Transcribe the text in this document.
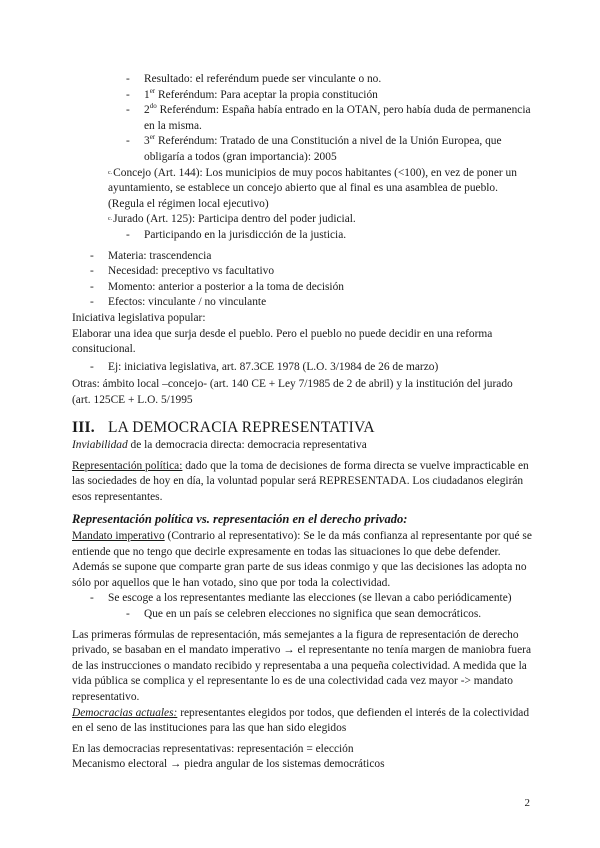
- Resultado: el referéndum puede ser vinculante o no.
- 1er Referéndum: Para aceptar la propia constitución
- $2^{do}$ Referéndum: España había entrado en la OTAN, pero había duda de permanencia en la misma.
- 3er Referéndum: Tratado de una Constitución a nivel de la Unión Europea, que obligaría a todos (gran importancia): 2005
c.Concejo (Art. 144): Los municipios de muy pocos habitantes (<100), en vez de poner un ayuntamiento, se establece un concejo abierto que al final es una asamblea de pueblo. (Regula el régimen local ejecutivo)
c.Jurado (Art. 125): Participa dentro del poder judicial.
- Participando en la jurisdicción de la justicia.
- Materia: trascendencia
- Necesidad: preceptivo vs facultativo
- Momento: anterior a posterior a la toma de decisión
- Efectos: vinculante / no vinculante

Iniciativa legislativa popular:

Elaborar una idea que surja desde el pueblo. Pero el pueblo no puede decidir en una reforma consitucional.

- Ej: iniciativa legislativa, art. 87.3CE 1978 (L.O. 3/1984 de 26 de marzo)

Otras: ámbito local –concejo- (art. 140 CE + Ley 7/1985 de 2 de abril) y la institución del jurado (art. 125CE + L.O. 5/1995

III. LA DEMOCRACIA REPRESENTATIVA

Inviabilidad de la democracia directa: democracia representativa

Representación política: dado que la toma de decisiones de forma directa se vuelve impracticable en las sociedades de hoy en día, la voluntad popular será REPRESENTADA. Los ciudadanos elegirán esos representantes.

Representación política vs. representación en el derecho privado:

Mandato imperativo (Contrario al representativo): Se le da más confianza al representante por qué se entiende que no tengo que decirle expresamente en todas las situaciones lo que debe defender. Además se supone que comparte gran parte de sus ideas conmigo y que las decisiones las adopta no sólo por aquellos que le han votado, sino que por toda la colectividad.

- Se escoge a los representantes mediante las elecciones (se llevan a cabo periódicamente)
- Que en un país se celebren elecciones no significa que sean democráticos.

Las primeras fórmulas de representación, más semejantes a la figura de representación de derecho privado, se basaban en el mandato imperativo → el representante no tenía margen de maniobra fuera de las instrucciones o mandato recibido y representaba a una pequeña colectividad. A medida que la vida pública se complica y el representante lo es de una colectividad cada vez mayor -> mandato representativo.

Democracias actuales: representantes elegidos por todos, que defienden el interés de la colectividad en el seno de las instituciones para las que han sido elegidos

En las democracias representativas: representación = elección

Mecanismo electoral → piedra angular de los sistemas democráticos

2
